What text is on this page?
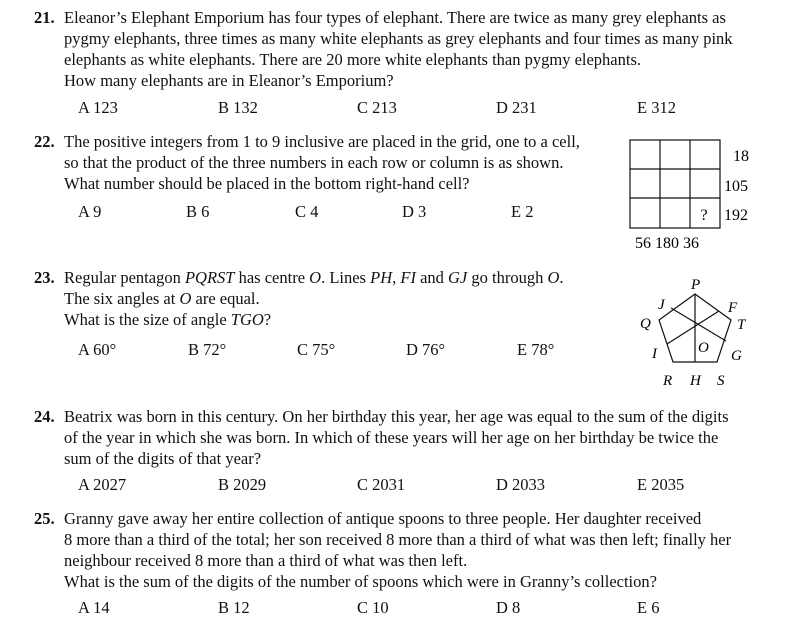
21. Eleanor’s Elephant Emporium has four types of elephant. There are twice as many grey elephants as
pygmy elephants, three times as many white elephants as grey elephants and four times as many pink
elephants as white elephants. There are 20 more white elephants than pygmy elephants.
How many elephants are in Eleanor’s Emporium?
A 123	B 132	C 213	D 231	E 312
22. The positive integers from 1 to 9 inclusive are placed in the grid, one to a cell,
so that the product of the three numbers in each row or column is as shown.
What number should be placed in the bottom right-hand cell?
A 9	B 6	C 4	D 3	E 2	?
18
105
192
56 180 36
23. Regular pentagon PQRST has centre O. Lines PH, FI and GJ go through O.
The six angles at O are equal.
What is the size of angle TGO?
A 60°	B 72°	C 75°	D 76°	E 78°
P
Q
J	F
T
I	O G
R H S
24. Beatrix was born in this century. On her birthday this year, her age was equal to the sum of the digits
of the year in which she was born. In which of these years will her age on her birthday be twice the
sum of the digits of that year?
A 2027	B 2029	C 2031	D 2033	E 2035
25. Granny gave away her entire collection of antique spoons to three people. Her daughter received
8 more than a third of the total; her son received 8 more than a third of what was then left; finally her
neighbour received 8 more than a third of what was then left.
What is the sum of the digits of the number of spoons which were in Granny’s collection?
A 14	B 12	C 10	D 8	E 6
